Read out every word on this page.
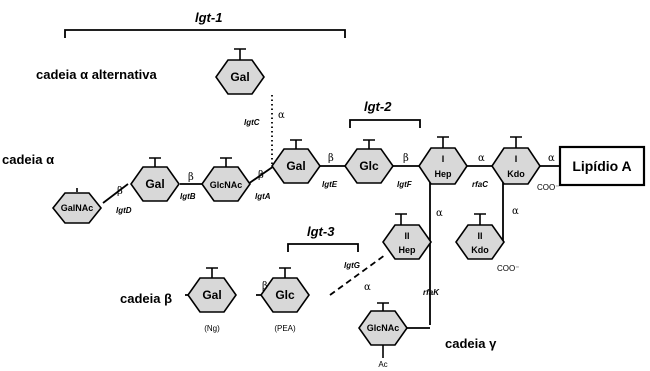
lgt-1
lgt-2
lgt-3
cadeia α alternativa
cadeia α
cadeia β
cadeia γ
GalNAc
Gal	GlcNAc
Gal	Glc	I
Hep
I
Kdo	Lipídio A
Gal
II
Hep
II
Kdo
Gal	Glc
GlcNAc
β
β	β
β	β	α	α
α
α	α
β	α
lgtD
lgtB	lgtA
lgtE	lgtF	rfaC
lgtC
lgtG
rfaK
COO⁻
COO⁻
(Ng)	(PEA)
Ac
